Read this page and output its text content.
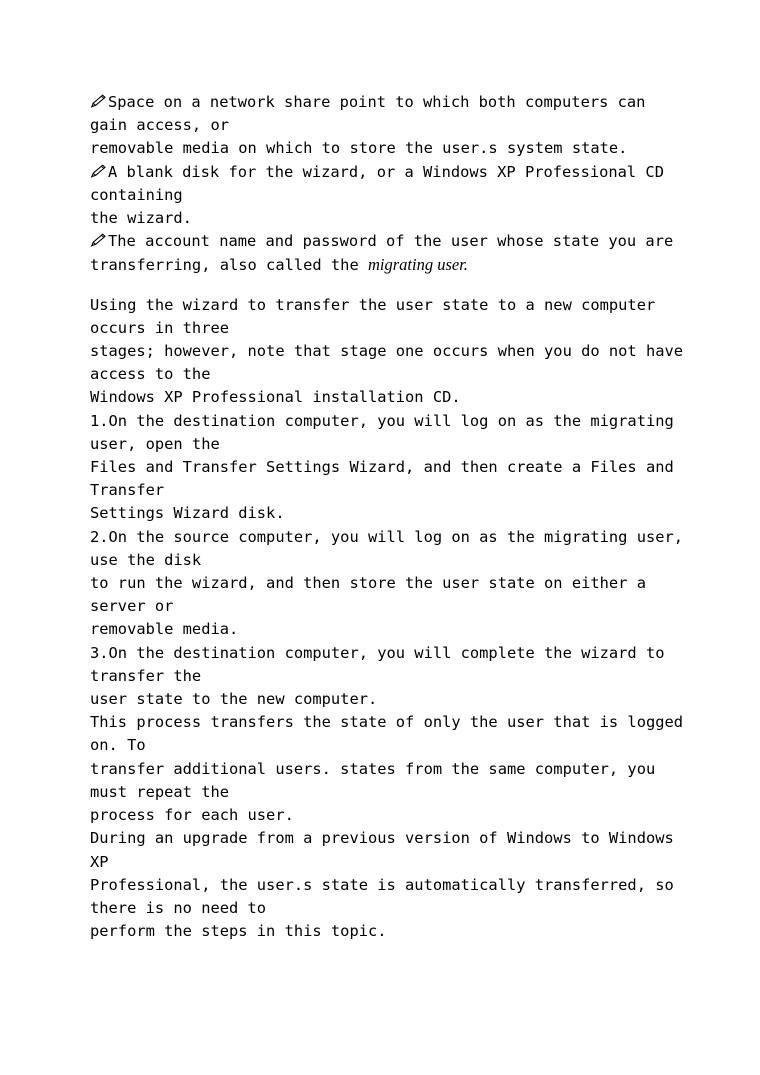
Space on a network share point to which both computers can
gain access, or
removable media on which to store the user.s system state.
A blank disk for the wizard, or a Windows XP Professional CD
containing
the wizard.
The account name and password of the user whose state you are
transferring, also called the migrating user.
Using the wizard to transfer the user state to a new computer
occurs in three
stages; however, note that stage one occurs when you do not have
access to the
Windows XP Professional installation CD.
1.On the destination computer, you will log on as the migrating
user, open the
Files and Transfer Settings Wizard, and then create a Files and
Transfer
Settings Wizard disk.
2.On the source computer, you will log on as the migrating user,
use the disk
to run the wizard, and then store the user state on either a
server or
removable media.
3.On the destination computer, you will complete the wizard to
transfer the
user state to the new computer.
This process transfers the state of only the user that is logged
on. To
transfer additional users. states from the same computer, you
must repeat the
process for each user.
During an upgrade from a previous version of Windows to Windows
XP
Professional, the user.s state is automatically transferred, so
there is no need to
perform the steps in this topic.
